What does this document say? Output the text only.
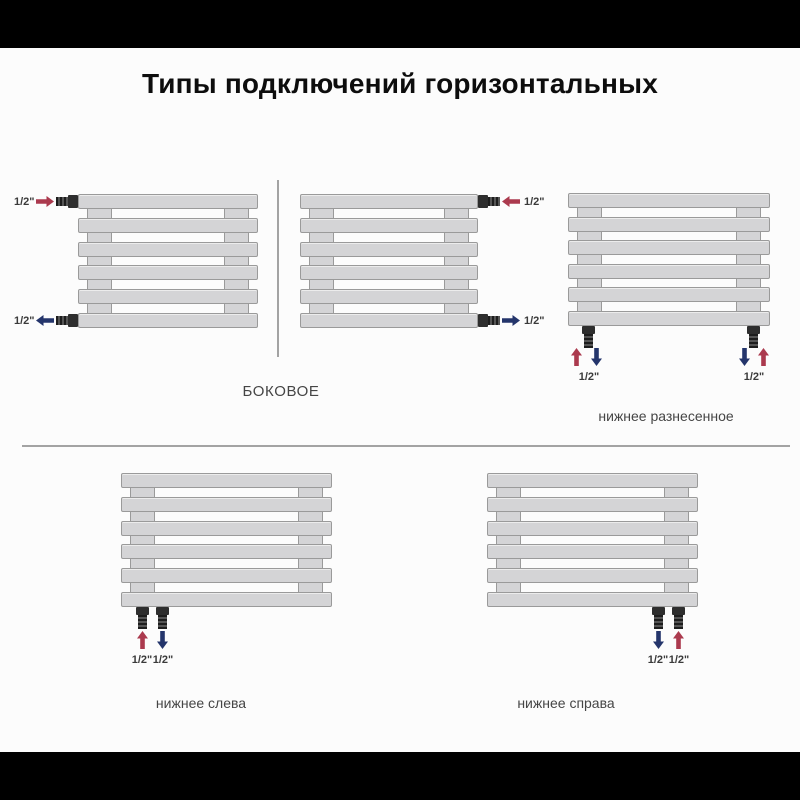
Типы подключений горизонтальных
1/2"
1/2"
1/2"
1/2"
БОКОВОЕ
1/2"	1/2"
нижнее разнесенное
1/2" 1/2"
нижнее слева
1/2" 1/2"
нижнее справа
